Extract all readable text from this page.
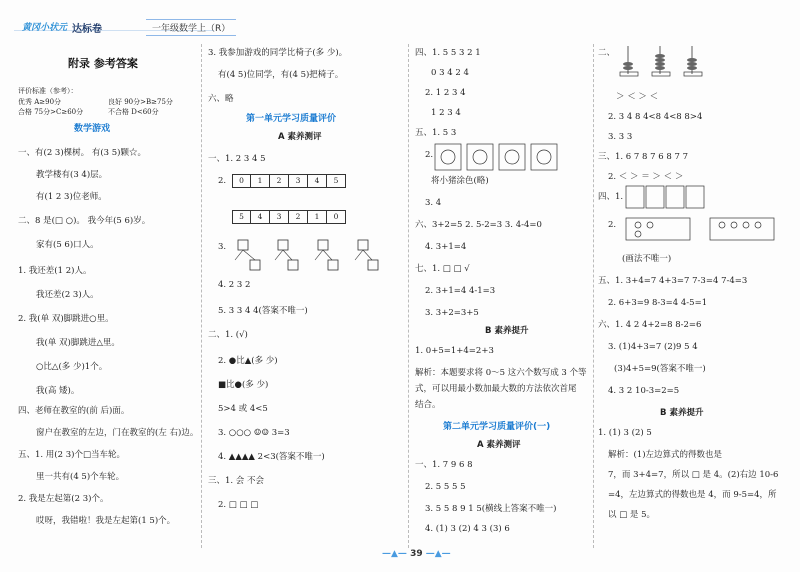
黄冈小状元 达标卷	一年级数学上（R）
附录 参考答案
评价标准（参考）：
优秀 A≥90分	良好 90分>B≥75分
合格 75分>C≥60分	不合格 D<60分
数学游戏
一、有(2 3)棵树。 有(3 5)颗☆。
教学楼有(3 4)层。
有(1 2 3)位老师。
二、8 是(□ ○)。 我今年(5 6)岁。
家有(5 6)口人。
1. 我还差(1 2)人。
我还差(2 3)人。
2. 我(单 双)脚跳进○里。
我(单 双)脚跳进△里。
○比△(多 少)1个。
我(高 矮)。
四、老师在教室的(前 后)面。
窗户在教室的左边，门在教室的(左 右)边。
五、1. 用(2 3)个□当车轮。
里一共有(4 5)个车轮。
2. 我是左起第(2 3)个。
哎呀，我错啦！我是左起第(1 5)个。
3. 我参加游戏的同学比椅子(多 少)。
有(4 5)位同学，有(4 5)把椅子。
六、略
第一单元学习质量评价
A 素养测评
一、1. 2 3 4 5
2.	0	1	2	3	4	5
5	4	3	2	1	0
3.
4. 2 3 2
5. 3 3 4 4(答案不唯一)
二、1. (√)
2. ●比▲(多 少)
■比●(多 少)
5>4 或 4<5
3. ○○○ ☺☺ 3=3
4. ▲▲▲▲ 2<3(答案不唯一)
三、1. 会 不会
2. □ □ □
四、1. 5 5 3 2 1
0 3 4 2 4
2. 1 2 3 4
1 2 3 4
五、1. 5 3
2.
将小猪涂色(略)
3. 4
六、3+2=5 2. 5-2=3 3. 4-4=0
4. 3+1=4
七、1. □ □ √
2. 3+1=4 4-1=3
3. 3+2=3+5
B 素养提升
1. 0+5=1+4=2+3
解析：本题要求将 0～5 这六个数写成 3 个等
式，可以用最小数加最大数的方法依次首尾
结合。
第二单元学习质量评价(一)
A 素养测评
一、1. 7 9 6 8
2. 5 5 5 5
3. 5 5 8 9 1 5(横线上答案不唯一)
4. (1) 3 (2) 4 3 (3) 6
二、
＞ ＜ ＞ ＜
2. 3 4 8 4<8 4<8 8>4
3. 3 3
三、1. 6 7 8 7 6 8 7 7
2. ＜ ＞ ＝ ＞ ＜ ＞
四、1.
2.
(画法不唯一)
五、1. 3+4=7 4+3=7 7-3=4 7-4=3
2. 6+3=9 8-3=4 4-5=1
六、1. 4 2 4+2=8 8-2=6
3. (1)4+3=7 (2)9 5 4
(3)4+5=9(答案不唯一)
4. 3 2 10-3=2=5
B 素养提升
1. (1) 3 (2) 5
解析：(1)左边算式的得数也是
7，而 3+4=7，所以 □ 是 4。(2)右边 10-6
=4，左边算式的得数也是 4，而 9-5=4，所
以 □ 是 5。
—▲— 39 —▲—
